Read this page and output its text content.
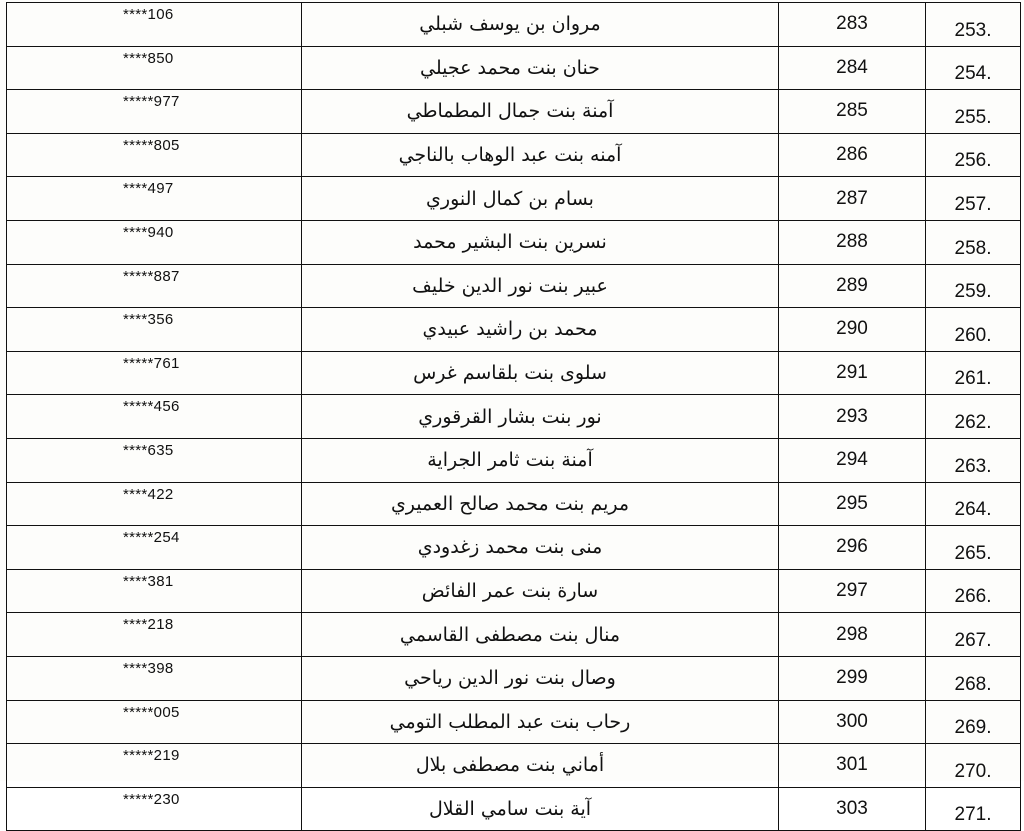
****106	مروان بن يوسف شبلي	283	253.
****850	حنان بنت محمد عجيلي	284	254.
*****977	آمنة بنت جمال المطماطي	285	255.
*****805	آمنه بنت عبد الوهاب بالناجي	286	256.
****497	بسام بن كمال النوري	287	257.
****940	نسرين بنت البشير محمد	288	258.
*****887	عبير بنت نور الدين خليف	289	259.
****356	محمد بن راشيد عبيدي	290	260.
*****761	سلوى بنت بلقاسم غرس	291	261.
*****456	نور بنت بشار القرقوري	293	262.
****635	آمنة بنت ثامر الجراية	294	263.
****422	مريم بنت محمد صالح العميري	295	264.
*****254	منى بنت محمد زغدودي	296	265.
****381	سارة بنت عمر الفائض	297	266.
****218	منال بنت مصطفى القاسمي	298	267.
****398	وصال بنت نور الدين رياحي	299	268.
*****005	رحاب بنت عبد المطلب التومي	300	269.
*****219	أماني بنت مصطفى بلال	301	270.
*****230	آية بنت سامي القلال	303	271.
